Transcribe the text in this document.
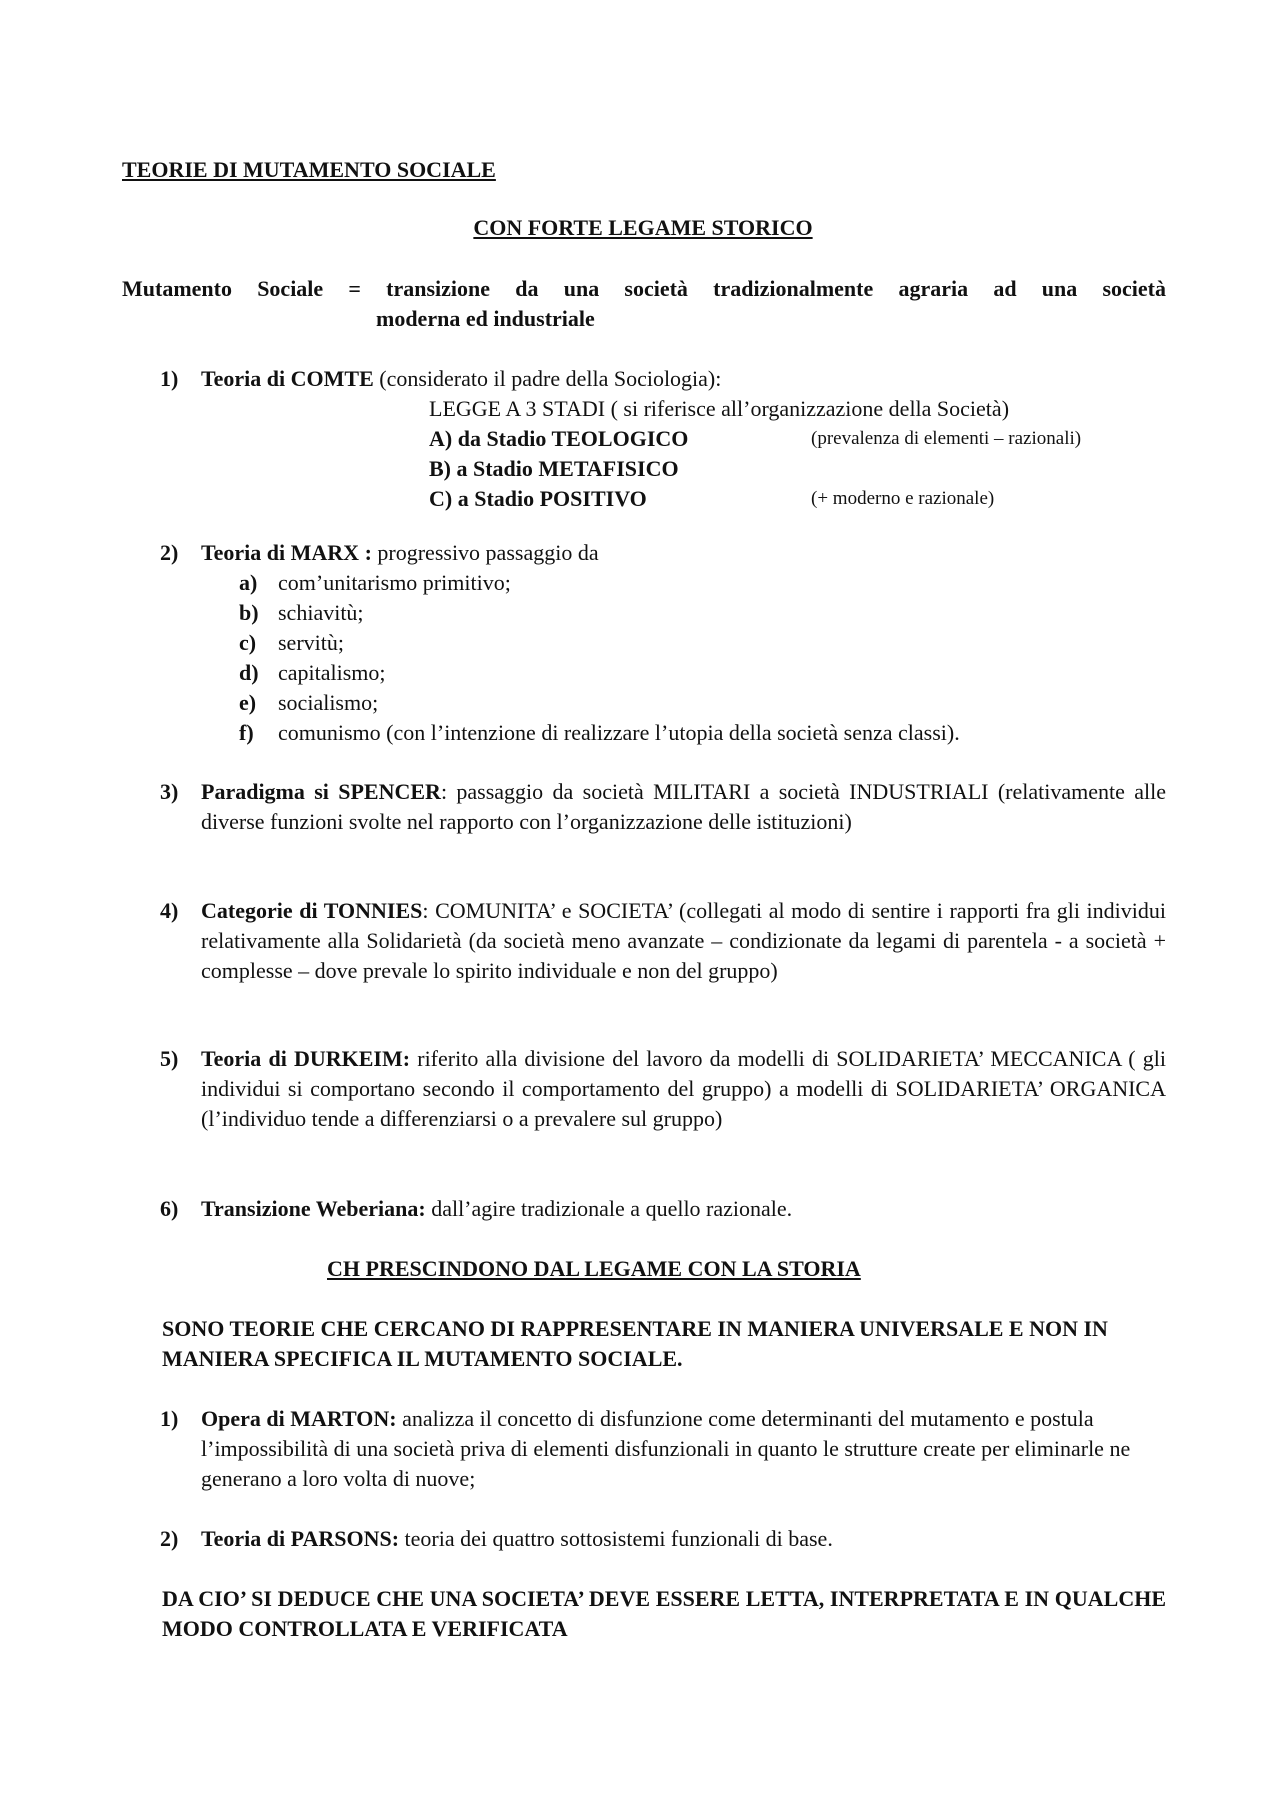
TEORIE DI MUTAMENTO SOCIALE
CON FORTE LEGAME STORICO
Mutamento Sociale = transizione da una società tradizionalmente agraria ad una società
moderna ed industriale
1) Teoria di COMTE (considerato il padre della Sociologia):
LEGGE A 3 STADI ( si riferisce all’organizzazione della Società)
A) da Stadio TEOLOGICO	(prevalenza di elementi – razionali)
B) a Stadio METAFISICO
C) a Stadio POSITIVO	(+ moderno e razionale)
2) Teoria di MARX : progressivo passaggio da
a) com’unitarismo primitivo;
b) schiavitù;
c) servitù;
d) capitalismo;
e) socialismo;
f) comunismo (con l’intenzione di realizzare l’utopia della società senza classi).
3) Paradigma si SPENCER: passaggio da società MILITARI a società INDUSTRIALI (relativamente alle diverse funzioni svolte nel rapporto con l’organizzazione delle istituzioni)
4) Categorie di TONNIES: COMUNITA’ e SOCIETA’ (collegati al modo di sentire i rapporti fra gli individui relativamente alla Solidarietà (da società meno avanzate – condizionate da legami di parentela - a società + complesse – dove prevale lo spirito individuale e non del gruppo)
5) Teoria di DURKEIM: riferito alla divisione del lavoro da modelli di SOLIDARIETA’ MECCANICA ( gli individui si comportano secondo il comportamento del gruppo) a modelli di SOLIDARIETA’ ORGANICA (l’individuo tende a differenziarsi o a prevalere sul gruppo)
6) Transizione Weberiana: dall’agire tradizionale a quello razionale.
CH PRESCINDONO DAL LEGAME CON LA STORIA
SONO TEORIE CHE CERCANO DI RAPPRESENTARE IN MANIERA UNIVERSALE E NON IN MANIERA SPECIFICA IL MUTAMENTO SOCIALE.
1) Opera di MARTON: analizza il concetto di disfunzione come determinanti del mutamento e postula l’impossibilità di una società priva di elementi disfunzionali in quanto le strutture create per eliminarle ne generano a loro volta di nuove;
2) Teoria di PARSONS: teoria dei quattro sottosistemi funzionali di base.
DA CIO’ SI DEDUCE CHE UNA SOCIETA’ DEVE ESSERE LETTA, INTERPRETATA E IN QUALCHE MODO CONTROLLATA E VERIFICATA
